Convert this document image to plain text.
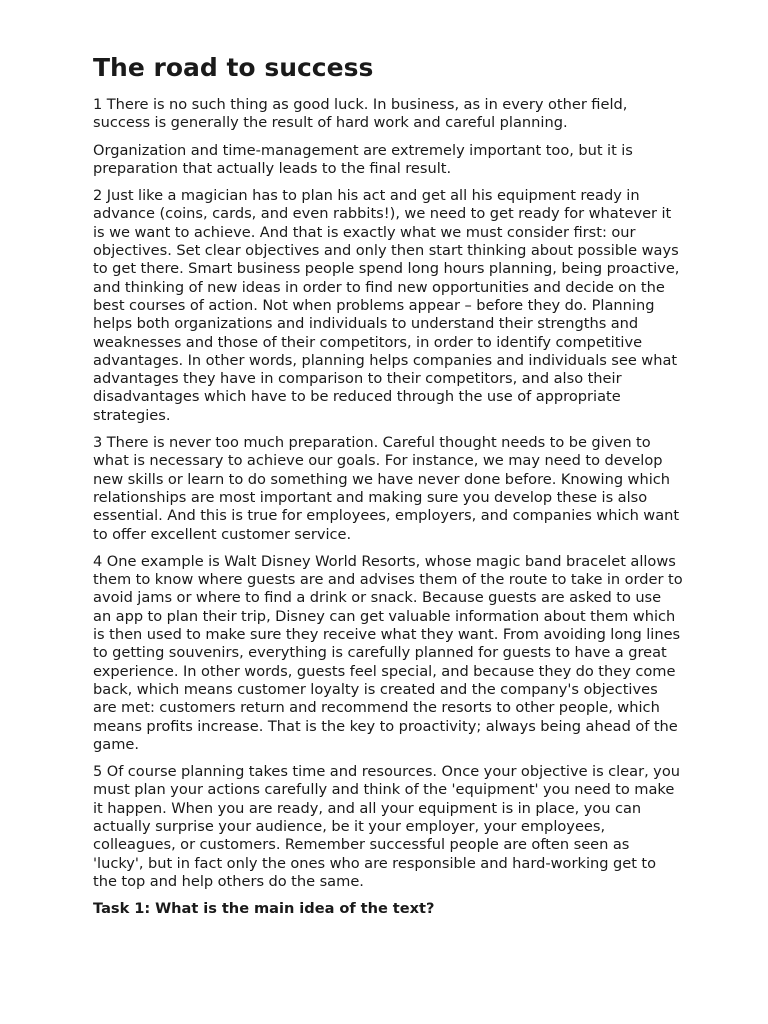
The road to success

1 There is no such thing as good luck. In business, as in every other field, success is generally the result of hard work and careful planning.

Organization and time-management are extremely important too, but it is preparation that actually leads to the final result.

2 Just like a magician has to plan his act and get all his equipment ready in advance (coins, cards, and even rabbits!), we need to get ready for whatever it is we want to achieve. And that is exactly what we must consider first: our objectives. Set clear objectives and only then start thinking about possible ways to get there. Smart business people spend long hours planning, being proactive, and thinking of new ideas in order to find new opportunities and decide on the best courses of action. Not when problems appear – before they do. Planning helps both organizations and individuals to understand their strengths and weaknesses and those of their competitors, in order to identify competitive advantages. In other words, planning helps companies and individuals see what advantages they have in comparison to their competitors, and also their disadvantages which have to be reduced through the use of appropriate strategies.

3 There is never too much preparation. Careful thought needs to be given to what is necessary to achieve our goals. For instance, we may need to develop new skills or learn to do something we have never done before. Knowing which relationships are most important and making sure you develop these is also essential. And this is true for employees, employers, and companies which want to offer excellent customer service.

4 One example is Walt Disney World Resorts, whose magic band bracelet allows them to know where guests are and advises them of the route to take in order to avoid jams or where to find a drink or snack. Because guests are asked to use an app to plan their trip, Disney can get valuable information about them which is then used to make sure they receive what they want. From avoiding long lines to getting souvenirs, everything is carefully planned for guests to have a great experience. In other words, guests feel special, and because they do they come back, which means customer loyalty is created and the company's objectives are met: customers return and recommend the resorts to other people, which means profits increase. That is the key to proactivity; always being ahead of the game.

5 Of course planning takes time and resources. Once your objective is clear, you must plan your actions carefully and think of the 'equipment' you need to make it happen. When you are ready, and all your equipment is in place, you can actually surprise your audience, be it your employer, your employees, colleagues, or customers. Remember successful people are often seen as 'lucky', but in fact only the ones who are responsible and hard-working get to the top and help others do the same.

Task 1: What is the main idea of the text?
